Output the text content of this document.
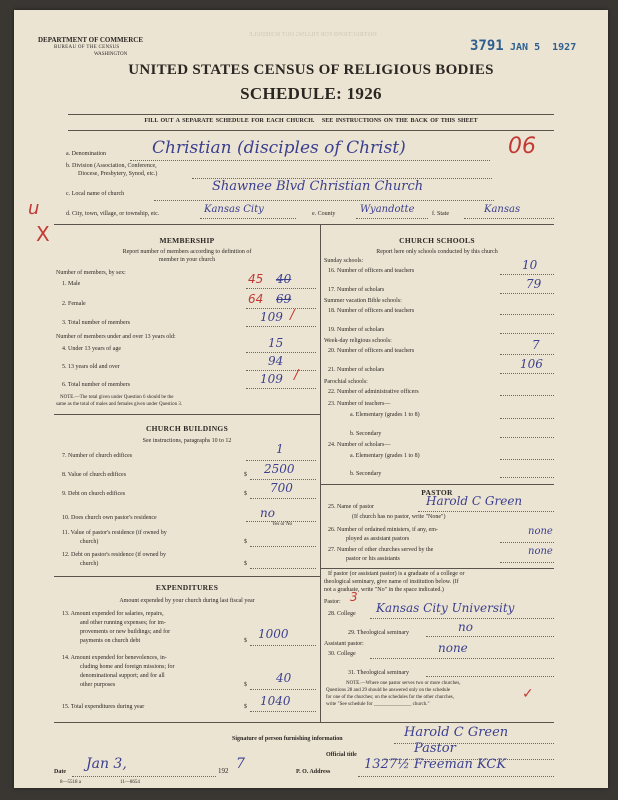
INSTRUCTIONS FOR FILLING OUT SCHEDULE
DEPARTMENT OF COMMERCE
BUREAU OF THE CENSUS
WASHINGTON
3791 JAN 5  1927
UNITED STATES CENSUS OF RELIGIOUS BODIES
SCHEDULE: 1926
FILL OUT A SEPARATE SCHEDULE FOR EACH CHURCH.   SEE INSTRUCTIONS ON THE BACK OF THIS SHEET
06
a. Denomination	Christian (disciples of Christ)
b. Division (Association, Conference,
Diocese, Presbytery, Synod, etc.)
c. Local name of church	Shawnee Blvd Christian Church
u
X
d. City, town, village, or township, etc.	Kansas City	e. County Wyandotte	f. State	Kansas
MEMBERSHIP
Report number of members according to definition of
member in your church
Number of members, by sex:
1. Male	45 40
2. Female	64 69
3. Total number of members	109 /
Number of members under and over 13 years old:
4. Under 13 years of age	15
5. 13 years old and over	94
6. Total number of members	109 /
NOTE.—The total given under Question 6 should be the
same as the total of males and females given under Question 3.
CHURCH BUILDINGS
See instructions, paragraphs 10 to 12
7. Number of church edifices	1
8. Value of church edifices	$ 2500
9. Debt on church edifices	$ 700
10. Does church own pastor's residence	no
Yes or No
11. Value of pastor's residence (if owned by
church)	$
12. Debt on pastor's residence (if owned by
church)	$
EXPENDITURES
Amount expended by your church during last fiscal year
13. Amount expended for salaries, repairs,
and other running expenses; for im-
provements or new buildings; and for
payments on church debt	$ 1000
14. Amount expended for benevolences, in-
cluding home and foreign missions; for
denominational support; and for all
other purposes	$ 40
15. Total expenditures during year	$ 1040
CHURCH SCHOOLS
Report here only schools conducted by this church
Sunday schools:
16. Number of officers and teachers	10
17. Number of scholars	79
Summer vacation Bible schools:
18. Number of officers and teachers
19. Number of scholars
Week-day religious schools:
20. Number of officers and teachers	7
21. Number of scholars	106
Parochial schools:
22. Number of administrative officers
23. Number of teachers—
a. Elementary (grades 1 to 8)
b. Secondary
24. Number of scholars—
a. Elementary (grades 1 to 8)
b. Secondary
PASTOR
25. Name of pastor	Harold C Green
(If church has no pastor, write "None")
26. Number of ordained ministers, if any, em-
ployed as assistant pastors
none
27. Number of other churches served by the
pastor or his assistants
none
If pastor (or assistant pastor) is a graduate of a college or
theological seminary, give name of institution below. (If
not a graduate, write "No" in the space indicated.)
Pastor: 3
28. College Kansas City University
29. Theological seminary	no
Assistant pastor:
30. College	none
31. Theological seminary
NOTE.—Where one pastor serves two or more churches,
Questions 28 and 29 should be answered only on the schedule
for one of the churches; on the schedules for the other churches,
write "See schedule for _______________ church."
✓
Signature of person furnishing information	Harold C Green
Official title	Pastor
Date Jan 3,	192 7	P. O. Address	1327½ Freeman KCK
8—5518 a	11—8654
